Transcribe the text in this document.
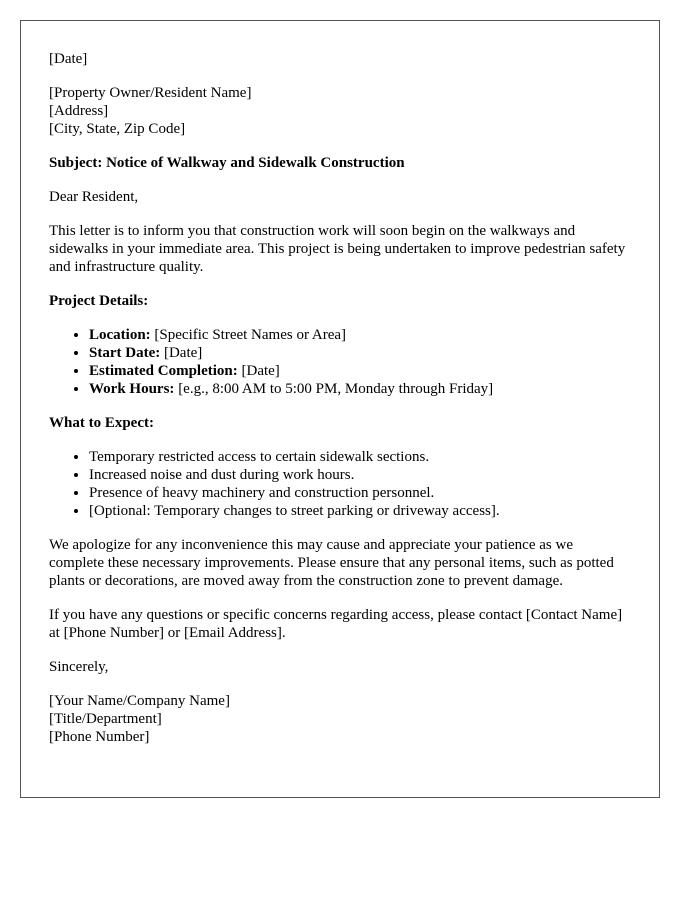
[Date]
[Property Owner/Resident Name]
[Address]
[City, State, Zip Code]

Subject: Notice of Walkway and Sidewalk Construction

Dear Resident,

This letter is to inform you that construction work will soon begin on the walkways and sidewalks in your immediate area. This project is being undertaken to improve pedestrian safety and infrastructure quality.

Project Details:

• Location: [Specific Street Names or Area]
• Start Date: [Date]
• Estimated Completion: [Date]
• Work Hours: [e.g., 8:00 AM to 5:00 PM, Monday through Friday]

What to Expect:

• Temporary restricted access to certain sidewalk sections.
• Increased noise and dust during work hours.
• Presence of heavy machinery and construction personnel.
• [Optional: Temporary changes to street parking or driveway access].

We apologize for any inconvenience this may cause and appreciate your patience as we complete these necessary improvements. Please ensure that any personal items, such as potted plants or decorations, are moved away from the construction zone to prevent damage.

If you have any questions or specific concerns regarding access, please contact [Contact Name] at [Phone Number] or [Email Address].

Sincerely,

[Your Name/Company Name]
[Title/Department]
[Phone Number]
